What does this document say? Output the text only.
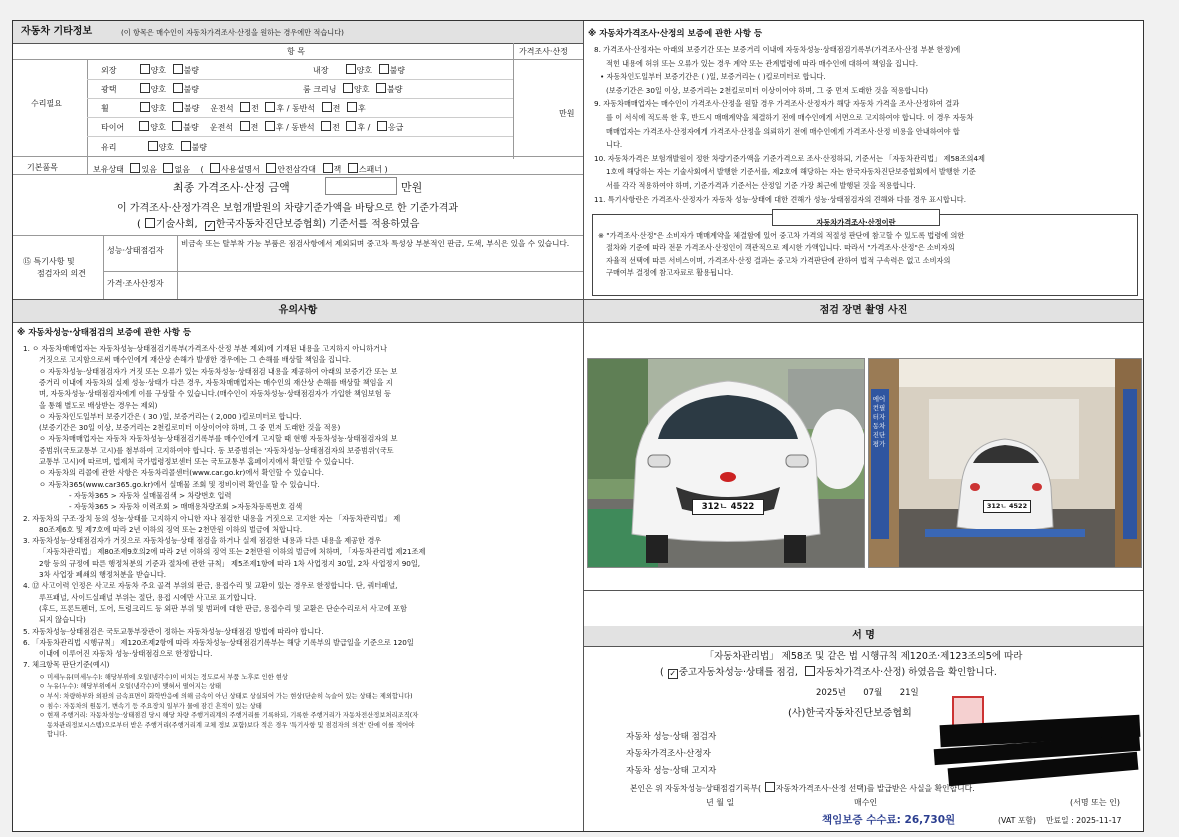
자동차 기타정보	(이 항목은 매수인이 자동차가격조사·산정을 원하는 경우에만 적습니다)
항 목	가격조사·산정
수리필요
만원
외장	양호 불량	내장	양호 불량
광택	양호 불량	룸 크리닝 양호 불량
휠	양호 불량 운전석 전 후 / 동반석 전 후
타이어	양호 불량 운전석 전 후 / 동반석 전 후 / 응급
유리	양호 불량
기본품목	보유상태 있음 없음 ( 사용설명서 안전삼각대 잭 스패너 )
최종 가격조사·산정 금액	만원
이 가격조사·산정가격은 보험개발원의 차량기준가액을 바탕으로 한 기준가격과
( 기술사회, ✓ 한국자동차진단보증협회) 기준서를 적용하였음
⑮ 특기사항 및
점검자의 의견
성능·상태점검자
비금속 또는 탈부착 가능 부품은 점검사항에서 제외되며 중고차 특성상 부분적인 판금, 도색, 부식은 있을 수 있습니다.
가격·조사산정자
※ 자동차가격조사·산정의 보증에 관한 사항 등
8. 가격조사·산정자는 아래의 보증기간 또는 보증거리 이내에 자동차성능·상태점검기록부(가격조사·산정 부분 한정)에
적힌 내용에 허위 또는 오류가 있는 경우 계약 또는 관계법령에 따라 매수인에 대하여 책임을 집니다.
• 자동차인도일부터 보증기간은 ( )일, 보증거리는 ( )킬로미터로 합니다.
(보증기간은 30일 이상, 보증거리는 2천킬로미터 이상이어야 하며, 그 중 먼저 도래한 것을 적용합니다)
9. 자동차매매업자는 매수인이 가격조사·산정을 원할 경우 가격조사·산정자가 해당 자동차 가격을 조사·산정하여 결과
를 이 서식에 적도록 한 후, 반드시 매매계약을 체결하기 전에 매수인에게 서면으로 고지하여야 합니다. 이 경우 자동차
매매업자는 가격조사·산정자에게 가격조사·산정을 의뢰하기 전에 매수인에게 가격조사·산정 비용을 안내하여야 합
니다.
10. 자동차가격은 보험개발원이 정한 차량기준가액을 기준가격으로 조사·산정하되, 기준서는 「자동차관리법」 제58조의4제
1호에 해당하는 자는 기술사회에서 발행한 기준서를, 제2호에 해당하는 자는 한국자동차진단보증협회에서 발행한 기준
서를 각각 적용하여야 하며, 기준가격과 기준서는 산정일 기준 가장 최근에 발행된 것을 적용합니다.
11. 특기사항란은 가격조사·산정자가 자동차 성능·상태에 대한 견해가 성능·상태점검자의 견해와 다를 경우 표시합니다.
자동차가격조사·산정이란
※ "가격조사·산정"은 소비자가 매매계약을 체결함에 있어 중고차 가격의 적절성 판단에 참고할 수 있도록 법령에 의한
절차와 기준에 따라 전문 가격조사·산정인이 객관적으로 제시한 가액입니다. 따라서 "가격조사·산정"은 소비자의
자율적 선택에 따른 서비스이며, 가격조사·산정 결과는 중고차 가격판단에 관하여 법적 구속력은 없고 소비자의
구매여부 결정에 참고자료로 활용됩니다.
유의사항
※ 자동차성능·상태점검의 보증에 관한 사항 등
1. ㅇ 자동차매매업자는 자동차성능·상태점검기록부(가격조사·산정 부분 제외)에 기재된 내용을 고지하지 아니하거나
거짓으로 고지함으로써 매수인에게 재산상 손해가 발생한 경우에는 그 손해를 배상할 책임을 집니다.
ㅇ 자동차성능·상태점검자가 거짓 또는 오류가 있는 자동차성능·상태점검 내용을 제공하여 아래의 보증기간 또는 보
증거리 이내에 자동차의 실제 성능·상태가 다른 경우, 자동차매매업자는 매수인의 재산상 손해를 배상할 책임을 지
며, 자동차성능·상태점검자에게 이를 구상할 수 있습니다.(매수인이 자동차성능·상태점검자가 가입한 책임보험 등
을 통해 별도로 배상받는 경우는 제외)
ㅇ 자동차인도일부터 보증기간은 ( 30 )일, 보증거리는 ( 2,000 )킬로미터로 합니다.
(보증기간은 30일 이상, 보증거리는 2천킬로미터 이상이어야 하며, 그 중 먼저 도래한 것을 적용)
ㅇ 자동차매매업자는 자동차 자동차성능·상태점검기록부를 매수인에게 고지할 때 현행 자동차성능·상태점검자의 보
증범위(국토교통부 고시)를 첨부하여 고지하여야 합니다. 동 보증범위는 '자동차성능·상태점검자의 보증범위'(국토
교통부 고시)에 따르며, 법제처 국가법령정보센터 또는 국토교통부 홈페이지에서 확인할 수 있습니다.
ㅇ 자동차의 리콜에 관한 사항은 자동차리콜센터(www.car.go.kr)에서 확인할 수 있습니다.
ㅇ 자동차365(www.car365.go.kr)에서 실매물 조회 및 정비이력 확인을 할 수 있습니다.
- 자동차365 > 자동차 실매물검색 > 차량번호 입력
- 자동차365 > 자동차 이력조회 > 매매용차량조회 >자동차등록번호 검색
2. 자동차의 구조·장치 등의 성능·상태를 고지하지 아니한 자나 점검한 내용을 거짓으로 고지한 자는 「자동차관리법」 제
80조제6호 및 제7호에 따라 2년 이하의 징역 또는 2천만원 이하의 벌금에 처합니다.
3. 자동차성능·상태점검자가 거짓으로 자동차성능·상태 점검을 하거나 실제 점검한 내용과 다른 내용을 제공한 경우
「자동차관리법」 제80조제9호의2에 따라 2년 이하의 징역 또는 2천만원 이하의 벌금에 처하며, 「자동차관리법 제21조제
2항 등의 규정에 따른 행정처분의 기준과 절차에 관한 규칙」 제5조제1항에 따라 1차 사업정지 30일, 2차 사업정지 90일,
3차 사업장 폐쇄의 행정처분을 받습니다.
4. ⑫ 사고이력 인정은 사고로 자동차 주요 골격 부위의 판금, 용접수리 및 교환이 있는 경우로 한정합니다. 단, 쿼터패널,
루프패널, 사이드실패널 부위는 절단, 용접 시에만 사고로 표기합니다.
(후드, 프론트펜더, 도어, 트렁크리드 등 외판 부위 및 범퍼에 대한 판금, 용접수리 및 교환은 단순수리로서 사고에 포함
되지 않습니다)
5. 자동차성능·상태점검은 국토교통부장관이 정하는 자동차성능·상태점검 방법에 따라야 합니다.
6. 「자동차관리법 시행규칙」 제120조제2항에 따라 자동차성능·상태점검기록부는 해당 기록부의 발급일을 기준으로 120일
이내에 이루어진 자동차 성능·상태점검으로 한정합니다.
7. 체크항목 판단기준(예시)
ㅇ 미세누유(미세누수): 해당부위에 오일(냉각수)이 비치는 정도로서 부품 노후로 인한 현상
ㅇ 누유(누수): 해당부위에서 오일(냉각수)이 맺혀서 떨어지는 상태
ㅇ 부식: 차량하부와 외판의 금속표면이 화학반응에 의해 금속이 아닌 상태로 상실되어 가는 현상(단순히 녹슬어 있는 상태는 제외합니다)
ㅇ 침수: 자동차의 원동기, 변속기 등 주요장치 일부가 물에 잠긴 흔적이 있는 상태
ㅇ 현재 주행거리: 자동차성능·상태점검 당시 해당 차량 주행거리계의 주행거리를 기록하되, 기록한 주행거리가 자동차전산정보처리조직(자
동차관리정보시스템)으로부터 받은 주행거리(주행거리계 교체 정보 포함)보다 적은 경우 '특기사항 및 점검자의 의견' 란에 이를 적어야
합니다.
점검 장면 촬영 사진
312ㄴ 4522	312ㄴ 4522
에어컨필터자동차진단평가
서 명
「자동차관리법」 제58조 및 같은 법 시행규칙 제120조·제123조의5에 따라
( ✓ 중고자동차성능·상태를 점검, 자동차가격조사·산정) 하였음을 확인합니다.
2025년 07월 21일
(사)한국자동차진단보증협회
자동차 성능·상태 점검자
자동차가격조사·산정자
자동차 성능·상태 고지자
본인은 위 자동차성능·상태점검기록부( 자동차가격조사·산정 선택)를 발급받은 사실을 확인합니다.
년 월 일	매수인	(서명 또는 인)
책임보증 수수료: 26,730원	(VAT 포함) 만료일 : 2025-11-17
